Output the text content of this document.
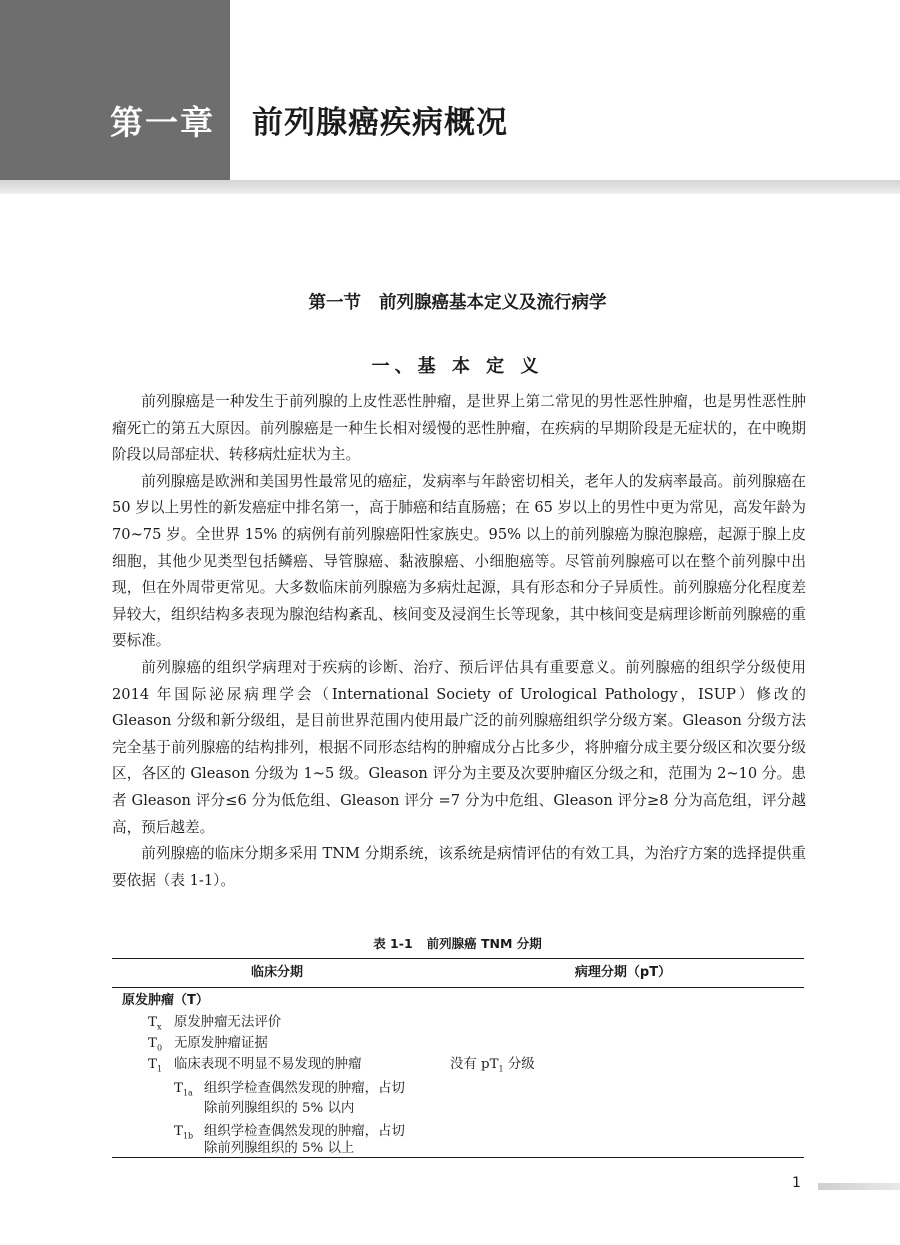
第一章	前列腺癌疾病概况
第一节 前列腺癌基本定义及流行病学
一、基 本 定 义

前列腺癌是一种发生于前列腺的上皮性恶性肿瘤，是世界上第二常见的男性恶性肿瘤，也是男性恶性肿瘤死亡的第五大原因。前列腺癌是一种生长相对缓慢的恶性肿瘤，在疾病的早期阶段是无症状的，在中晚期阶段以局部症状、转移病灶症状为主。

前列腺癌是欧洲和美国男性最常见的癌症，发病率与年龄密切相关，老年人的发病率最高。前列腺癌在 50 岁以上男性的新发癌症中排名第一，高于肺癌和结直肠癌；在 65 岁以上的男性中更为常见，高发年龄为 70~75 岁。全世界 15% 的病例有前列腺癌阳性家族史。95% 以上的前列腺癌为腺泡腺癌，起源于腺上皮细胞，其他少见类型包括鳞癌、导管腺癌、黏液腺癌、小细胞癌等。尽管前列腺癌可以在整个前列腺中出现，但在外周带更常见。大多数临床前列腺癌为多病灶起源，具有形态和分子异质性。前列腺癌分化程度差异较大，组织结构多表现为腺泡结构紊乱、核间变及浸润生长等现象，其中核间变是病理诊断前列腺癌的重要标准。

前列腺癌的组织学病理对于疾病的诊断、治疗、预后评估具有重要意义。前列腺癌的组织学分级使用 2014 年国际泌尿病理学会（International Society of Urological Pathology，ISUP）修改的 Gleason 分级和新分级组，是目前世界范围内使用最广泛的前列腺癌组织学分级方案。Gleason 分级方法完全基于前列腺癌的结构排列，根据不同形态结构的肿瘤成分占比多少，将肿瘤分成主要分级区和次要分级区，各区的 Gleason 分级为 1~5 级。Gleason 评分为主要及次要肿瘤区分级之和，范围为 2~10 分。患者 Gleason 评分≤6 分为低危组、Gleason 评分 =7 分为中危组、Gleason 评分≥8 分为高危组，评分越高，预后越差。

前列腺癌的临床分期多采用 TNM 分期系统，该系统是病情评估的有效工具，为治疗方案的选择提供重要依据（表 1-1）。

表 1-1 前列腺癌 TNM 分期
临床分期	病理分期（pT）
原发肿瘤（T）
$T_x$ 原发肿瘤无法评价
$T_0$ 无原发肿瘤证据
$T_1$ 临床表现不明显不易发现的肿瘤	没有 $pT_1$ 分级
$T_{1a}$ 组织学检查偶然发现的肿瘤，占切
除前列腺组织的 5% 以内
$T_{1b}$ 组织学检查偶然发现的肿瘤，占切
除前列腺组织的 5% 以上
1
